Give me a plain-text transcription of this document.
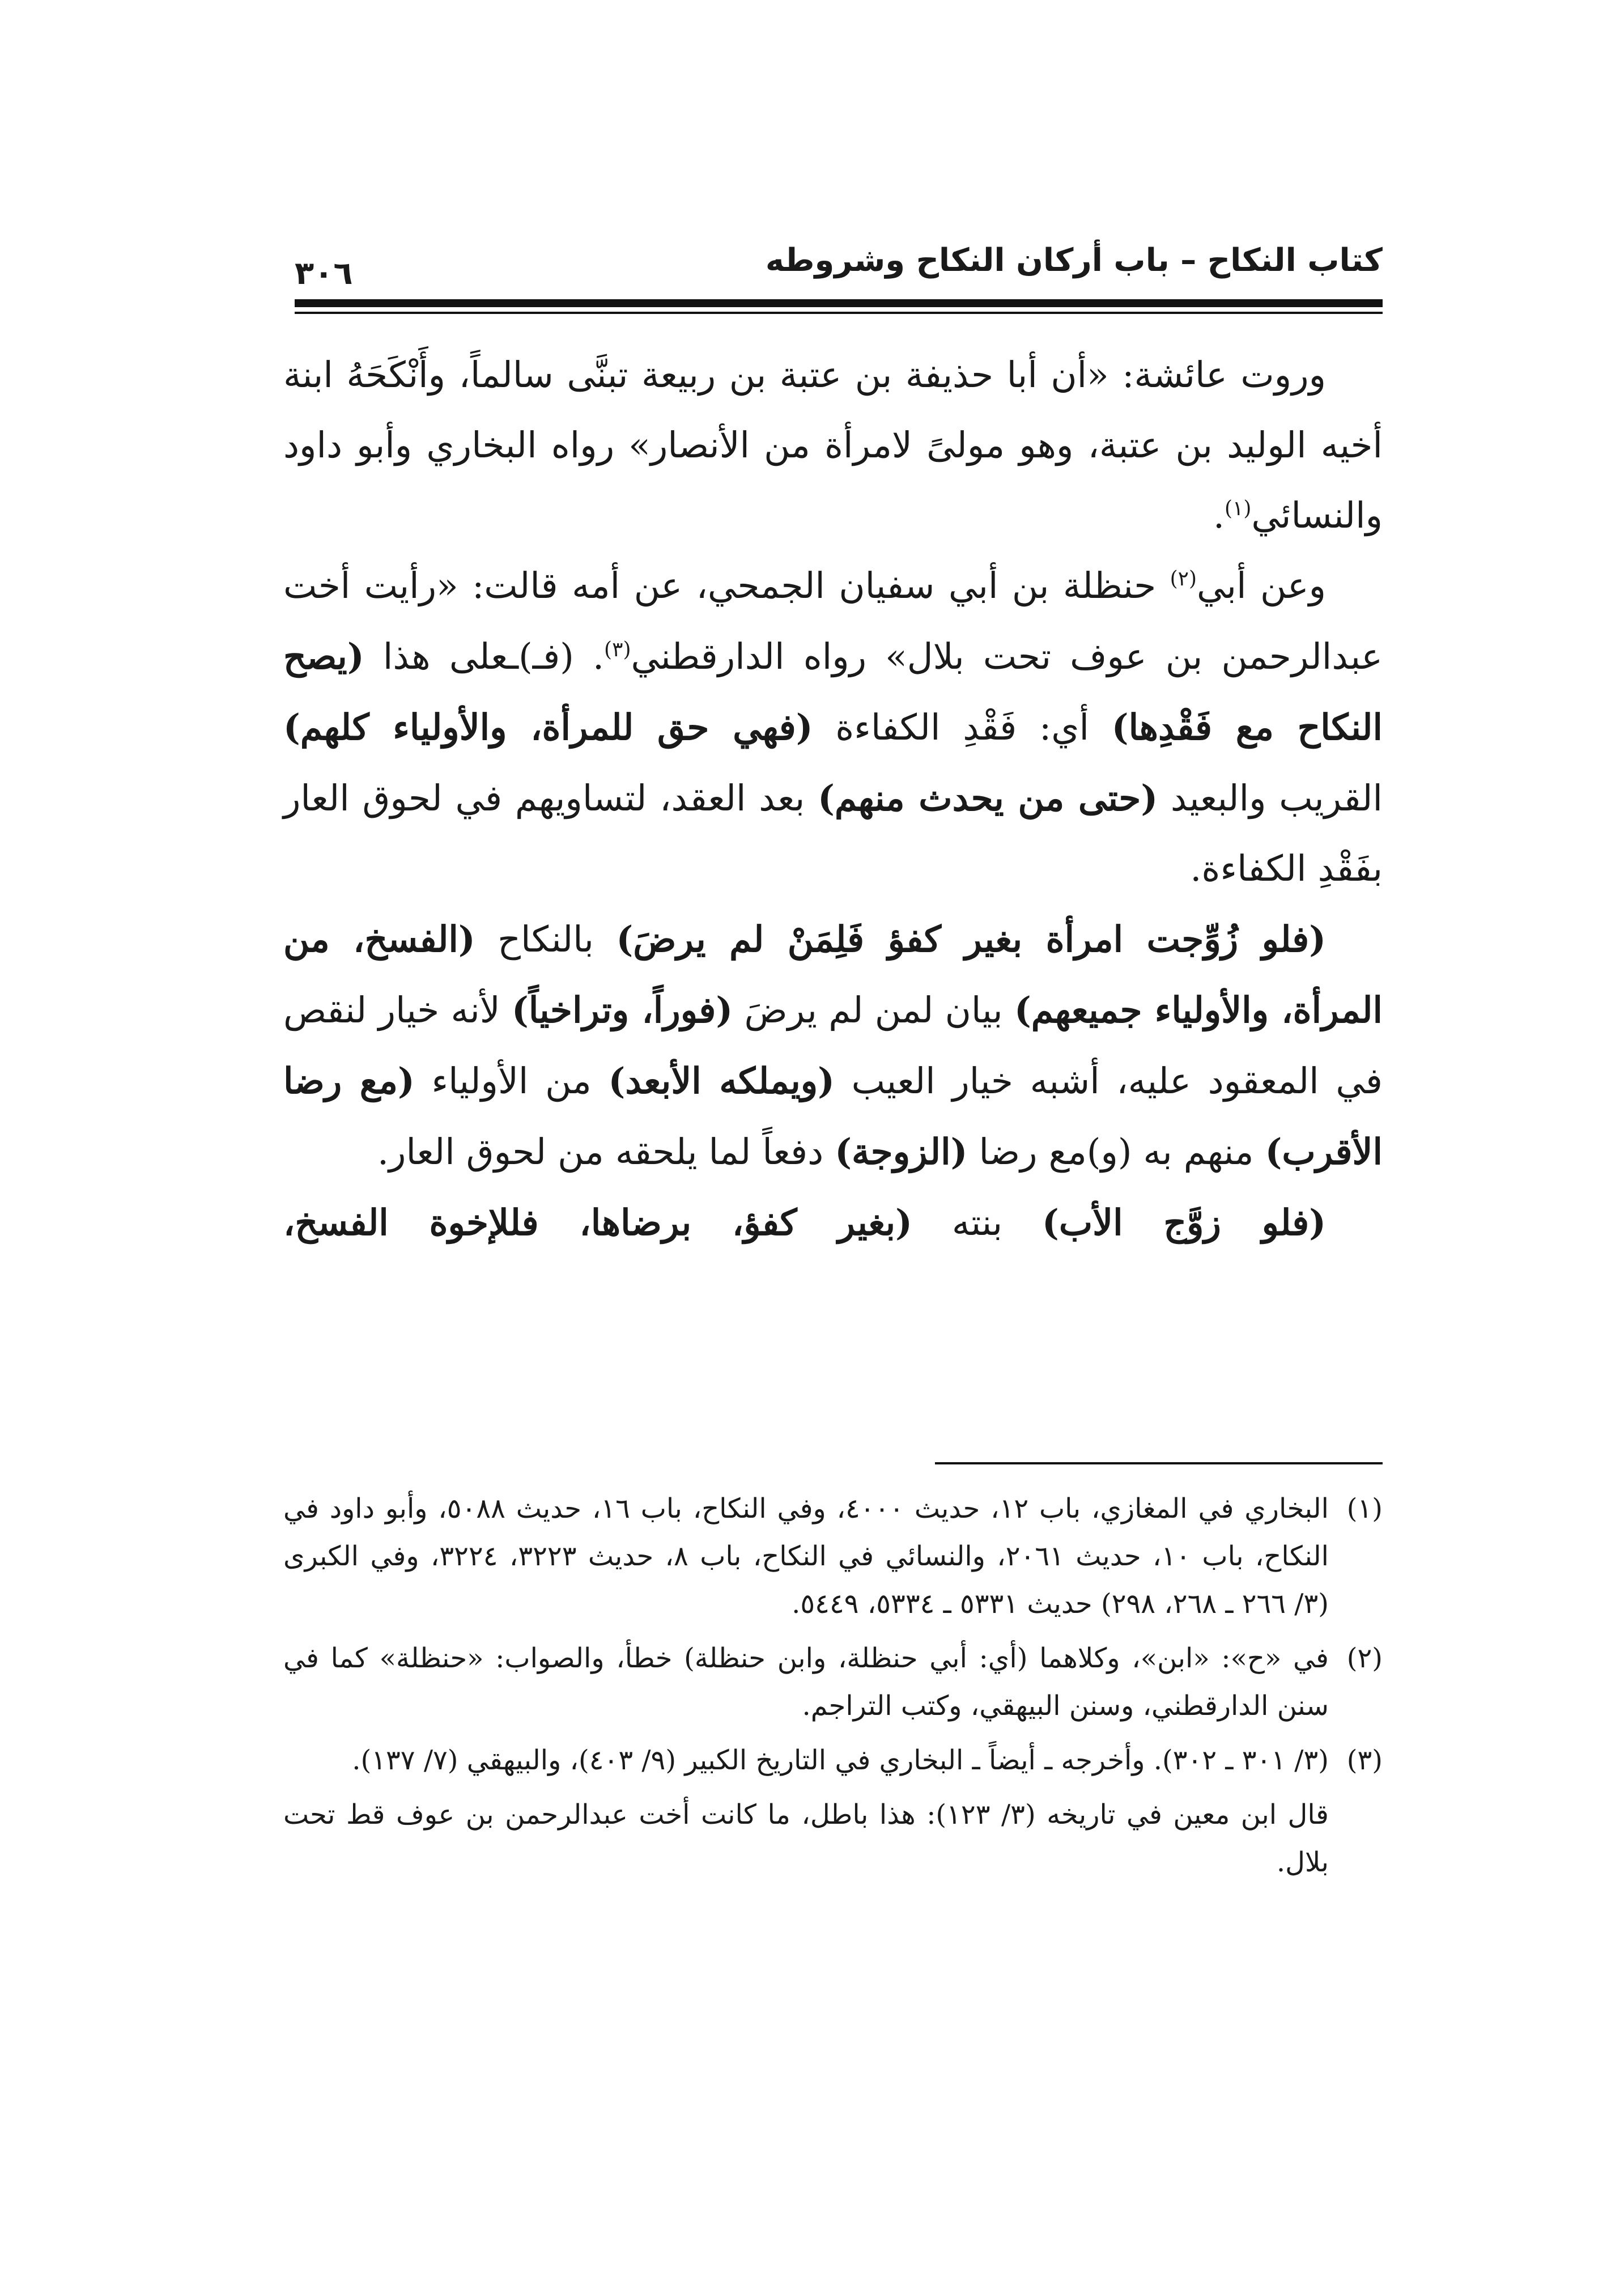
كتاب النكاح – باب أركان النكاح وشروطه
٣٠٦

وروت عائشة: «أن أبا حذيفة بن عتبة بن ربيعة تبنَّى سالماً، وأَنْكَحَهُ ابنة أخيه الوليد بن عتبة، وهو مولىً لامرأة من الأنصار» رواه البخاري وأبو داود والنسائي$^{(١)}$.

وعن أبي$^{(٢)}$ حنظلة بن أبي سفيان الجمحي، عن أمه قالت: «رأيت أخت عبدالرحمن بن عوف تحت بلال» رواه الدارقطني$^{(٣)}$. (فـ)ـعلى هذا (يصح النكاح مع فَقْدِها) أي: فَقْدِ الكفاءة (فهي حق للمرأة، والأولياء كلهم) القريب والبعيد (حتى من يحدث منهم) بعد العقد، لتساويهم في لحوق العار بفَقْدِ الكفاءة.

(فلو زُوِّجت امرأة بغير كفؤ فَلِمَنْ لم يرضَ) بالنكاح (الفسخ، من المرأة، والأولياء جميعهم) بيان لمن لم يرضَ (فوراً، وتراخياً) لأنه خيار لنقص في المعقود عليه، أشبه خيار العيب (ويملكه الأبعد) من الأولياء (مع رضا الأقرب) منهم به (و)مع رضا (الزوجة) دفعاً لما يلحقه من لحوق العار.

(فلو زوَّج الأب) بنته (بغير كفؤ، برضاها، فللإخوة الفسخ،

(١)
البخاري في المغازي، باب ١٢، حديث ٤٠٠٠، وفي النكاح، باب ١٦، حديث ٥٠٨٨، وأبو داود في النكاح، باب ١٠، حديث ٢٠٦١، والنسائي في النكاح، باب ٨، حديث ٣٢٢٣، ٣٢٢٤، وفي الكبرى (٣/ ٢٦٦ ـ ٢٦٨، ٢٩٨) حديث ٥٣٣١ ـ ٥٣٣٤، ٥٤٤٩.
(٢)
في «ح»: «ابن»، وكلاهما (أي: أبي حنظلة، وابن حنظلة) خطأ، والصواب: «حنظلة» كما في سنن الدارقطني، وسنن البيهقي، وكتب التراجم.
(٣)
(٣/ ٣٠١ ـ ٣٠٢). وأخرجه ـ أيضاً ـ البخاري في التاريخ الكبير (٩/ ٤٠٣)، والبيهقي (٧/ ١٣٧).

قال ابن معين في تاريخه (٣/ ١٢٣): هذا باطل، ما كانت أخت عبدالرحمن بن عوف قط تحت بلال.
